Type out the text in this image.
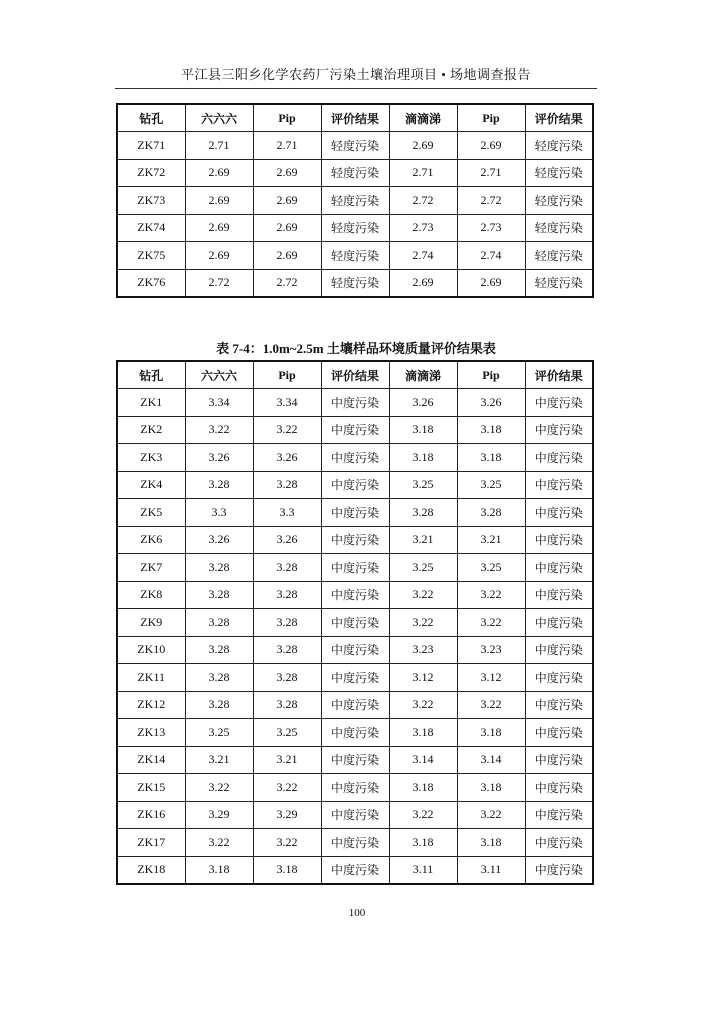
平江县三阳乡化学农药厂污染土壤治理项目 • 场地调查报告
钻孔	六六六	Pip	评价结果	滴滴涕	Pip	评价结果
ZK71	2.71	2.71	轻度污染	2.69	2.69	轻度污染
ZK72	2.69	2.69	轻度污染	2.71	2.71	轻度污染
ZK73	2.69	2.69	轻度污染	2.72	2.72	轻度污染
ZK74	2.69	2.69	轻度污染	2.73	2.73	轻度污染
ZK75	2.69	2.69	轻度污染	2.74	2.74	轻度污染
ZK76	2.72	2.72	轻度污染	2.69	2.69	轻度污染
表 7-4：1.0m~2.5m 土壤样品环境质量评价结果表
钻孔	六六六	Pip	评价结果	滴滴涕	Pip	评价结果
ZK1	3.34	3.34	中度污染	3.26	3.26	中度污染
ZK2	3.22	3.22	中度污染	3.18	3.18	中度污染
ZK3	3.26	3.26	中度污染	3.18	3.18	中度污染
ZK4	3.28	3.28	中度污染	3.25	3.25	中度污染
ZK5	3.3	3.3	中度污染	3.28	3.28	中度污染
ZK6	3.26	3.26	中度污染	3.21	3.21	中度污染
ZK7	3.28	3.28	中度污染	3.25	3.25	中度污染
ZK8	3.28	3.28	中度污染	3.22	3.22	中度污染
ZK9	3.28	3.28	中度污染	3.22	3.22	中度污染
ZK10	3.28	3.28	中度污染	3.23	3.23	中度污染
ZK11	3.28	3.28	中度污染	3.12	3.12	中度污染
ZK12	3.28	3.28	中度污染	3.22	3.22	中度污染
ZK13	3.25	3.25	中度污染	3.18	3.18	中度污染
ZK14	3.21	3.21	中度污染	3.14	3.14	中度污染
ZK15	3.22	3.22	中度污染	3.18	3.18	中度污染
ZK16	3.29	3.29	中度污染	3.22	3.22	中度污染
ZK17	3.22	3.22	中度污染	3.18	3.18	中度污染
ZK18	3.18	3.18	中度污染	3.11	3.11	中度污染
100
